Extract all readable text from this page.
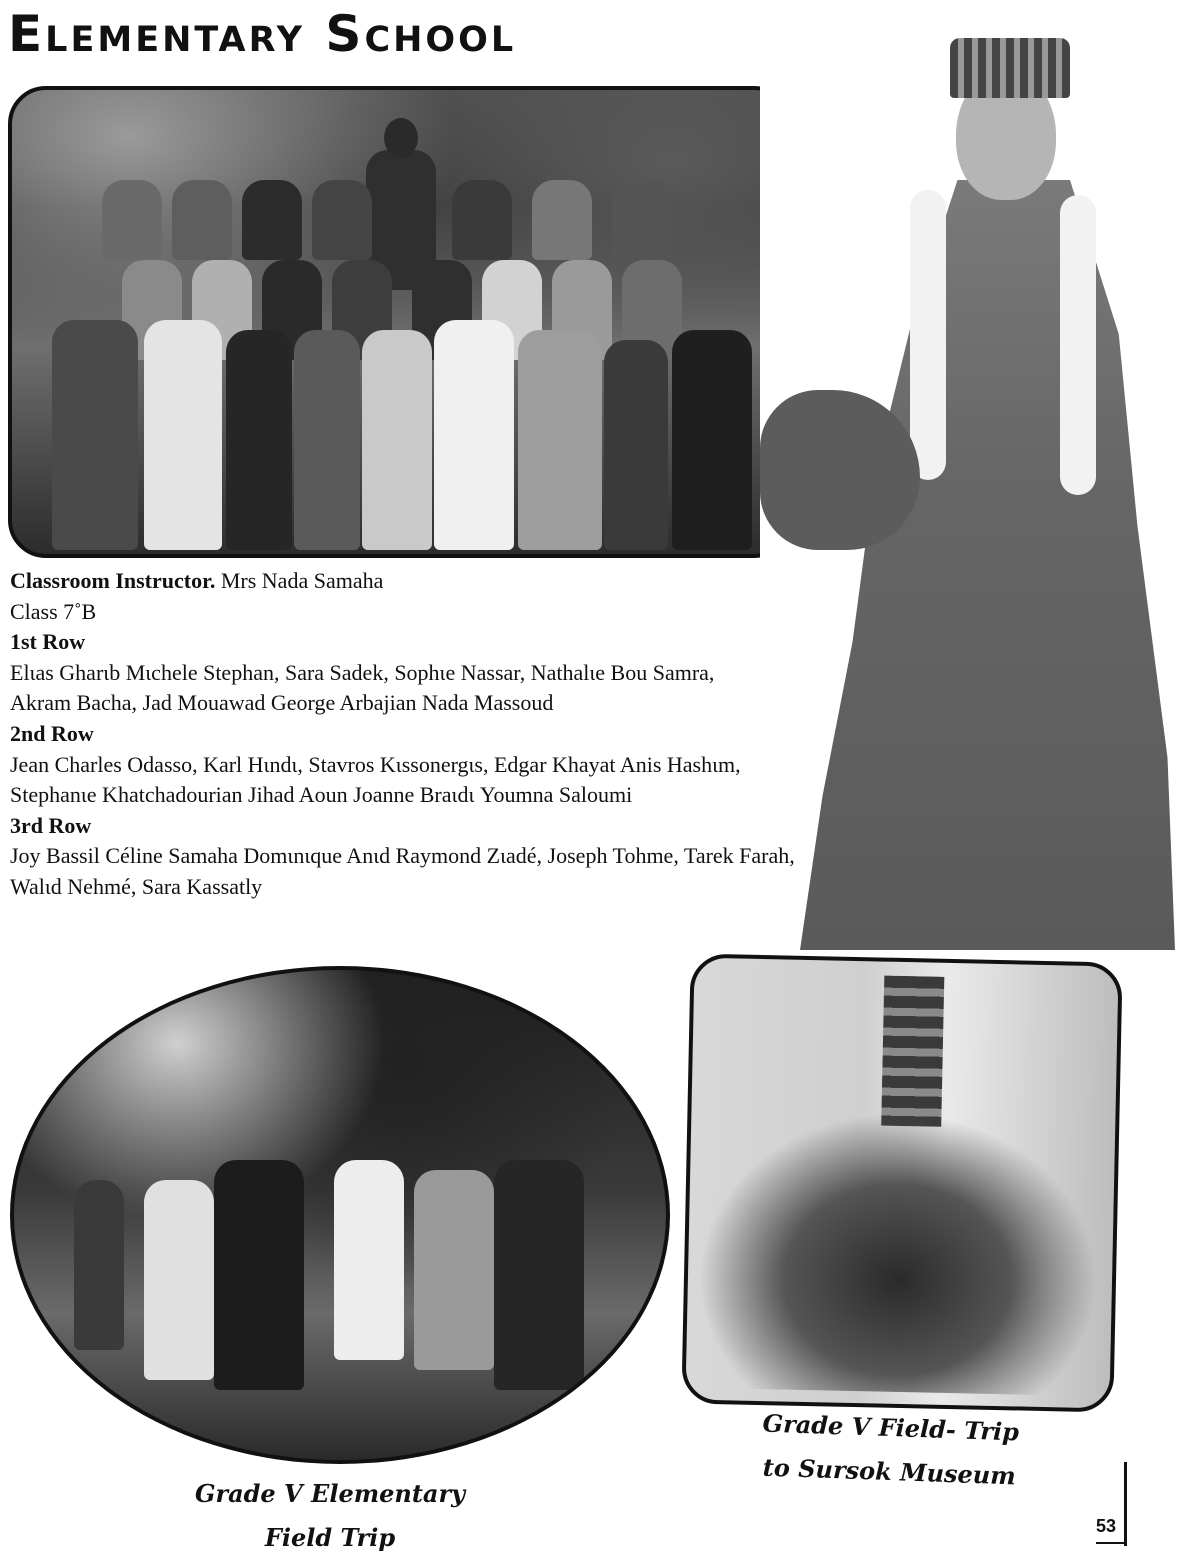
Elementary School
Classroom Instructor. Mrs Nada Samaha
Class 7˚B
1st Row
Elιas Gharιb Mιchele Stephan, Sara Sadek, Sophιe Nassar, Nathalιe Bou Samra, Akram Bacha, Jad Mouawad George Arbajian Nada Massoud
2nd Row
Jean Charles Odasso, Karl Hιndι, Stavros Kιssonergιs, Edgar Khayat Anis Hashιm, Stephanιe Khatchadourian Jihad Aoun Joanne Braιdι Youmna Saloumi
3rd Row
Joy Bassil Céline Samaha Domιnιque Anιd Raymond Zιadé, Joseph Tohme, Tarek Farah, Walιd Nehmé, Sara Kassatly
Grade V Elementary
Field Trip
Grade V Field- Trip
to Sursok Museum
53
